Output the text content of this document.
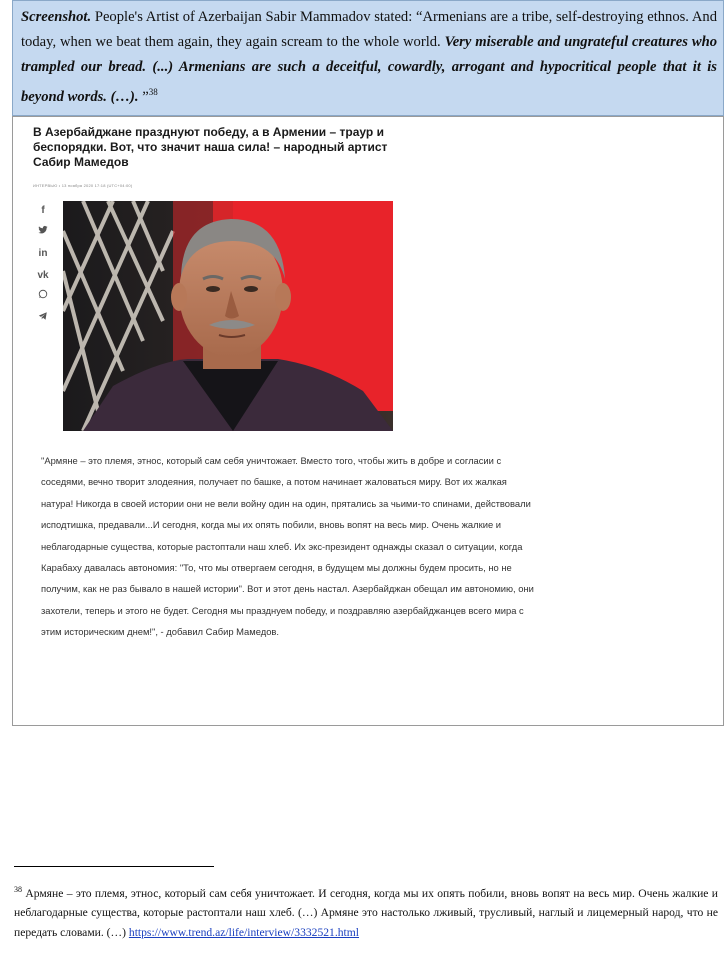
Screenshot. People's Artist of Azerbaijan Sabir Mammadov stated: “Armenians are a tribe, self-destroying ethnos. And today, when we beat them again, they again scream to the whole world. Very miserable and ungrateful creatures who trampled our bread. (...) Armenians are such a deceitful, cowardly, arrogant and hypocritical people that it is beyond words. (…). ”$^{38}$
В Азербайджане празднуют победу, а в Армении – траур и беспорядки. Вот, что значит наша сила! – народный артист Сабир Мамедов
ИНТЕРВЬЮ • 13 ноября 2020 17:18 (UTC+04:00)
f
in
vk
"Армяне – это племя, этнос, который сам себя уничтожает. Вместо того, чтобы жить в добре и согласии с соседями, вечно творит злодеяния, получает по башке, а потом начинает жаловаться миру. Вот их жалкая натура! Никогда в своей истории они не вели войну один на один, прятались за чьими-то спинами, действовали исподтишка, предавали...И сегодня, когда мы их опять побили, вновь вопят на весь мир. Очень жалкие и неблагодарные существа, которые растоптали наш хлеб. Их экс-президент однажды сказал о ситуации, когда Карабаху давалась автономия: "То, что мы отвергаем сегодня, в будущем мы должны будем просить, но не получим, как не раз бывало в нашей истории". Вот и этот день настал. Азербайджан обещал им автономию, они захотели, теперь и этого не будет. Сегодня мы празднуем победу, и поздравляю азербайджанцев всего мира с этим историческим днем!", - добавил Сабир Мамедов.
$^{38}$ Армяне – это племя, этнос, который сам себя уничтожает. И сегодня, когда мы их опять побили, вновь вопят на весь мир. Очень жалкие и неблагодарные существа, которые растоптали наш хлеб. (…) Армяне это настолько лживый, трусливый, наглый и лицемерный народ, что не передать словами. (…) https://www.trend.az/life/interview/3332521.html
